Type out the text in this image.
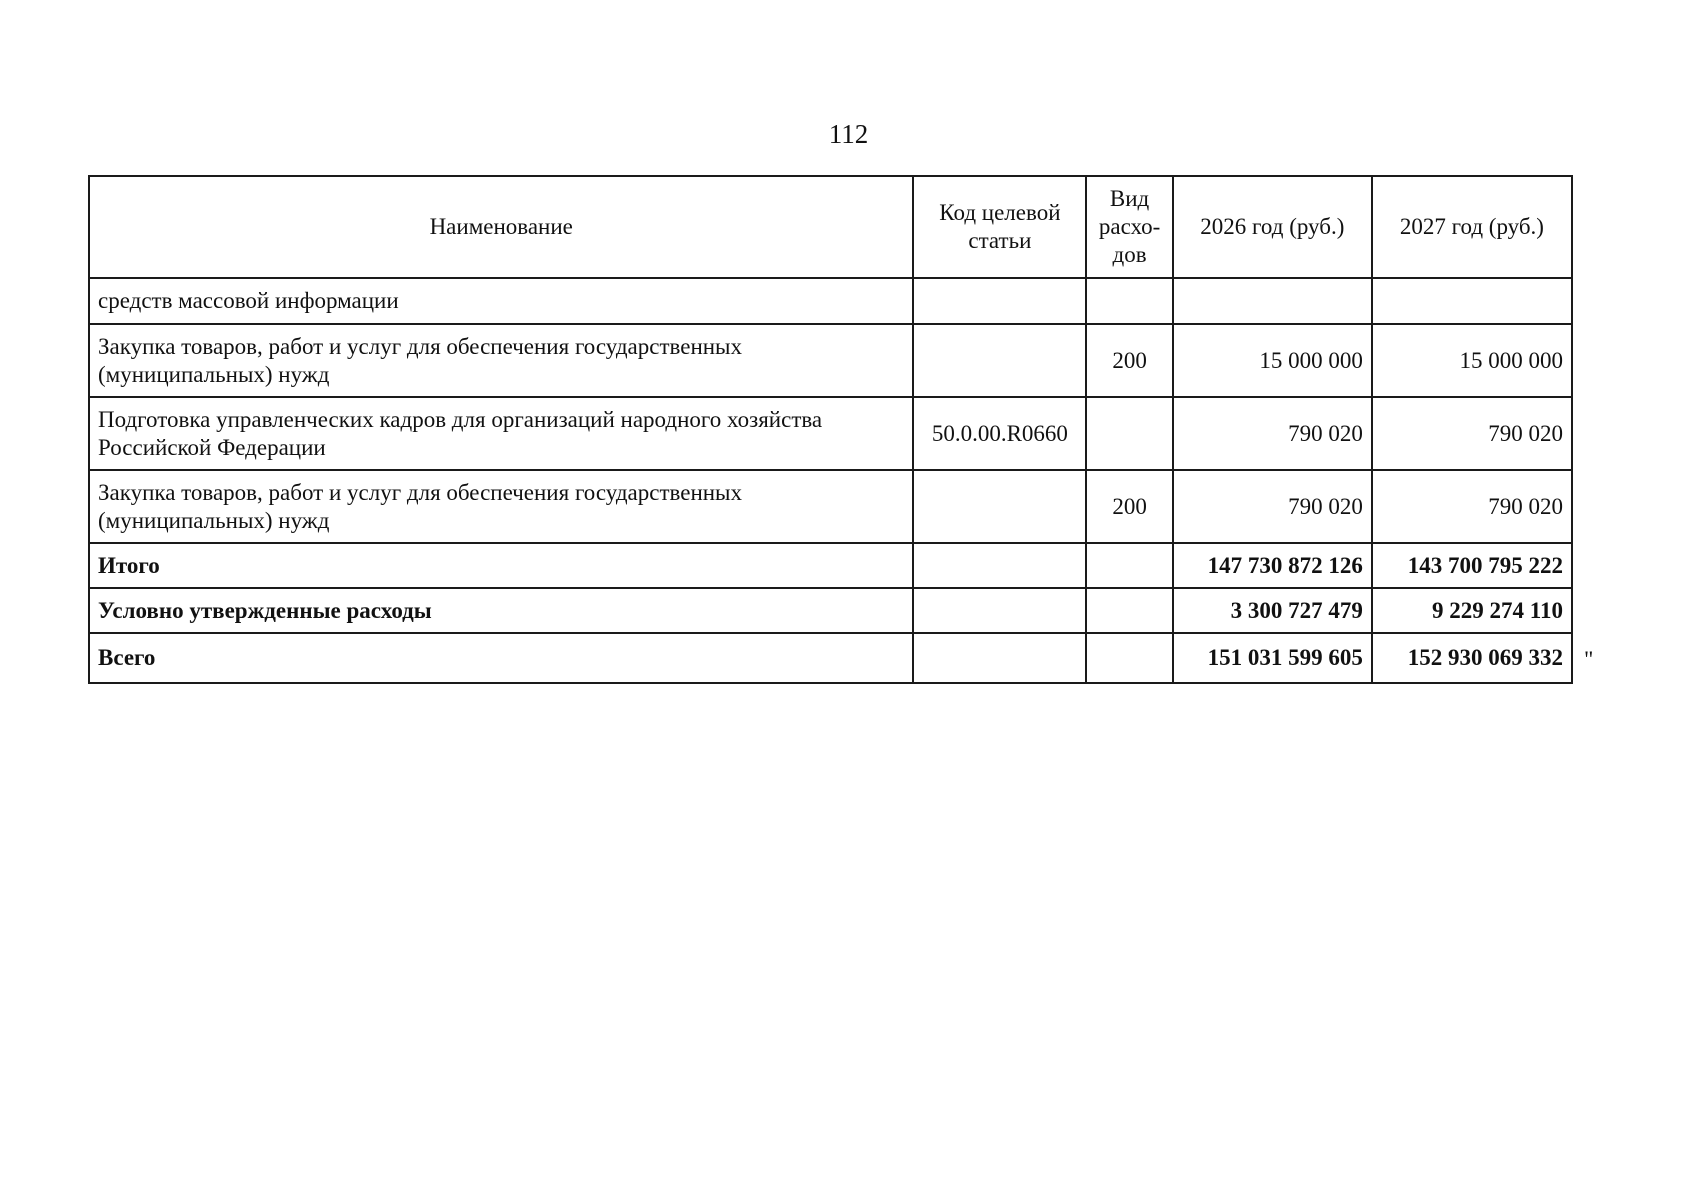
112
Наименование	Код целевой статьи	Вид расхо-дов	2026 год (руб.)	2027 год (руб.)
средств массовой информации				
Закупка товаров, работ и услуг для обеспечения государственных (муниципальных) нужд		200	15 000 000	15 000 000
Подготовка управленческих кадров для организаций народного хозяйства Российской Федерации	50.0.00.R0660		790 020	790 020
Закупка товаров, работ и услуг для обеспечения государственных (муниципальных) нужд		200	790 020	790 020
Итого			147 730 872 126	143 700 795 222
Условно утвержденные расходы			3 300 727 479	9 229 274 110
Всего			151 031 599 605	152 930 069 332 "
